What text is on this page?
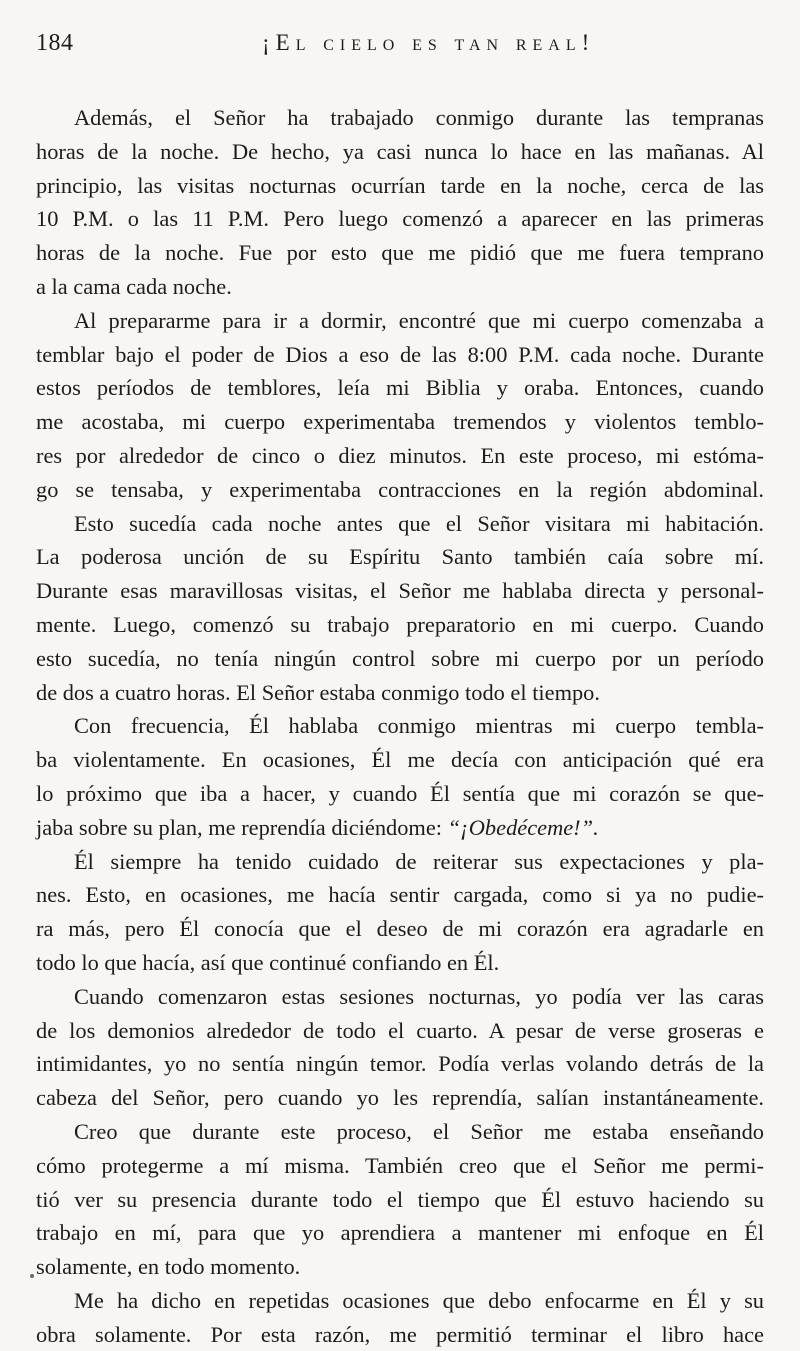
184	¡El cielo es tan real!

Además, el Señor ha trabajado conmigo durante las tempranas
horas de la noche. De hecho, ya casi nunca lo hace en las mañanas. Al
principio, las visitas nocturnas ocurrían tarde en la noche, cerca de las
10 P.M. o las 11 P.M. Pero luego comenzó a aparecer en las primeras
horas de la noche. Fue por esto que me pidió que me fuera temprano
a la cama cada noche.

Al prepararme para ir a dormir, encontré que mi cuerpo comenzaba a
temblar bajo el poder de Dios a eso de las 8:00 P.M. cada noche. Durante
estos períodos de temblores, leía mi Biblia y oraba. Entonces, cuando
me acostaba, mi cuerpo experimentaba tremendos y violentos temblo-
res por alrededor de cinco o diez minutos. En este proceso, mi estóma-
go se tensaba, y experimentaba contracciones en la región abdominal.

Esto sucedía cada noche antes que el Señor visitara mi habitación.
La poderosa unción de su Espíritu Santo también caía sobre mí.
Durante esas maravillosas visitas, el Señor me hablaba directa y personal-
mente. Luego, comenzó su trabajo preparatorio en mi cuerpo. Cuando
esto sucedía, no tenía ningún control sobre mi cuerpo por un período
de dos a cuatro horas. El Señor estaba conmigo todo el tiempo.

Con frecuencia, Él hablaba conmigo mientras mi cuerpo tembla-
ba violentamente. En ocasiones, Él me decía con anticipación qué era
lo próximo que iba a hacer, y cuando Él sentía que mi corazón se que-
jaba sobre su plan, me reprendía diciéndome: “¡Obedéceme!”.

Él siempre ha tenido cuidado de reiterar sus expectaciones y pla-
nes. Esto, en ocasiones, me hacía sentir cargada, como si ya no pudie-
ra más, pero Él conocía que el deseo de mi corazón era agradarle en
todo lo que hacía, así que continué confiando en Él.

Cuando comenzaron estas sesiones nocturnas, yo podía ver las caras
de los demonios alrededor de todo el cuarto. A pesar de verse groseras e
intimidantes, yo no sentía ningún temor. Podía verlas volando detrás de la
cabeza del Señor, pero cuando yo les reprendía, salían instantáneamente.

Creo que durante este proceso, el Señor me estaba enseñando
cómo protegerme a mí misma. También creo que el Señor me permi-
tió ver su presencia durante todo el tiempo que Él estuvo haciendo su
trabajo en mí, para que yo aprendiera a mantener mi enfoque en Él
solamente, en todo momento.

Me ha dicho en repetidas ocasiones que debo enfocarme en Él y su
obra solamente. Por esta razón, me permitió terminar el libro hace
